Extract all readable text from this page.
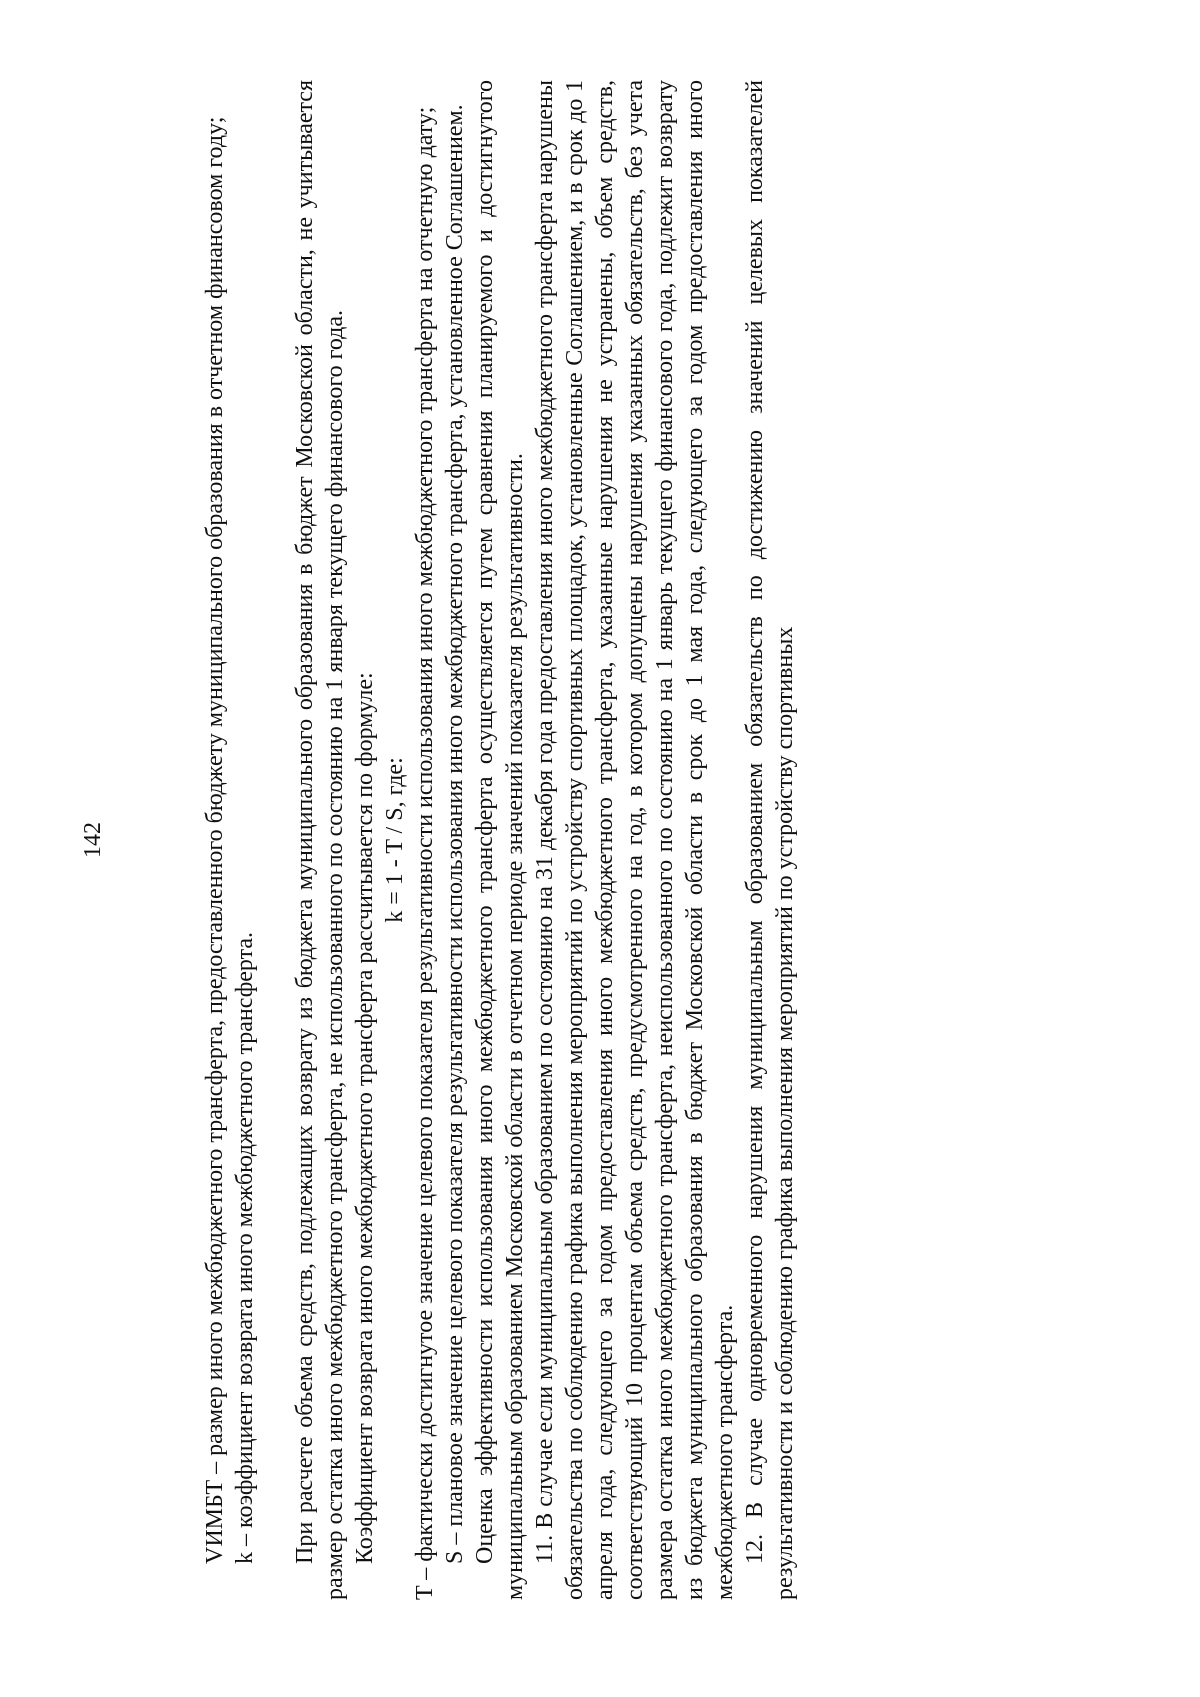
142	VИМБТ – размер иного межбюджетного трансферта, предоставленного бюджету муниципального образования в отчетном финансовом году; k – коэффициент возврата иного межбюджетного трансферта. При расчете объема средств, подлежащих возврату из бюджета муниципального образования в бюджет Московской области, не учитывается размер остатка иного межбюджетного трансферта, не использованного по состоянию на 1 января текущего финансового года. Коэффициент возврата иного межбюджетного трансферта рассчитывается по формуле: k = 1 - T / S, где: T – фактически достигнутое значение целевого показателя результативности использования иного межбюджетного трансферта на отчетную дату; S – плановое значение целевого показателя результативности использования иного межбюджетного трансферта, установленное Соглашением. Оценка эффективности использования иного межбюджетного трансферта осуществляется путем сравнения планируемого и достигнутого муниципальным образованием Московской области в отчетном периоде значений показателя результативности. 11. В случае если муниципальным образованием по состоянию на 31 декабря года предоставления иного межбюджетного трансферта нарушены обязательства по соблюдению графика выполнения мероприятий по устройству спортивных площадок, установленные Соглашением, и в срок до 1 апреля года, следующего за годом предоставления иного межбюджетного трансферта, указанные нарушения не устранены, объем средств, соответствующий 10 процентам объема средств, предусмотренного на год, в котором допущены нарушения указанных обязательств, без учета размера остатка иного межбюджетного трансферта, неиспользованного по состоянию на 1 январь текущего финансового года, подлежит возврату из бюджета муниципального образования в бюджет Московской области в срок до 1 мая года, следующего за годом предоставления иного межбюджетного трансферта. 12. В случае одновременного нарушения муниципальным образованием обязательств по достижению значений целевых показателей результативности и соблюдению графика выполнения мероприятий по устройству спортивных
